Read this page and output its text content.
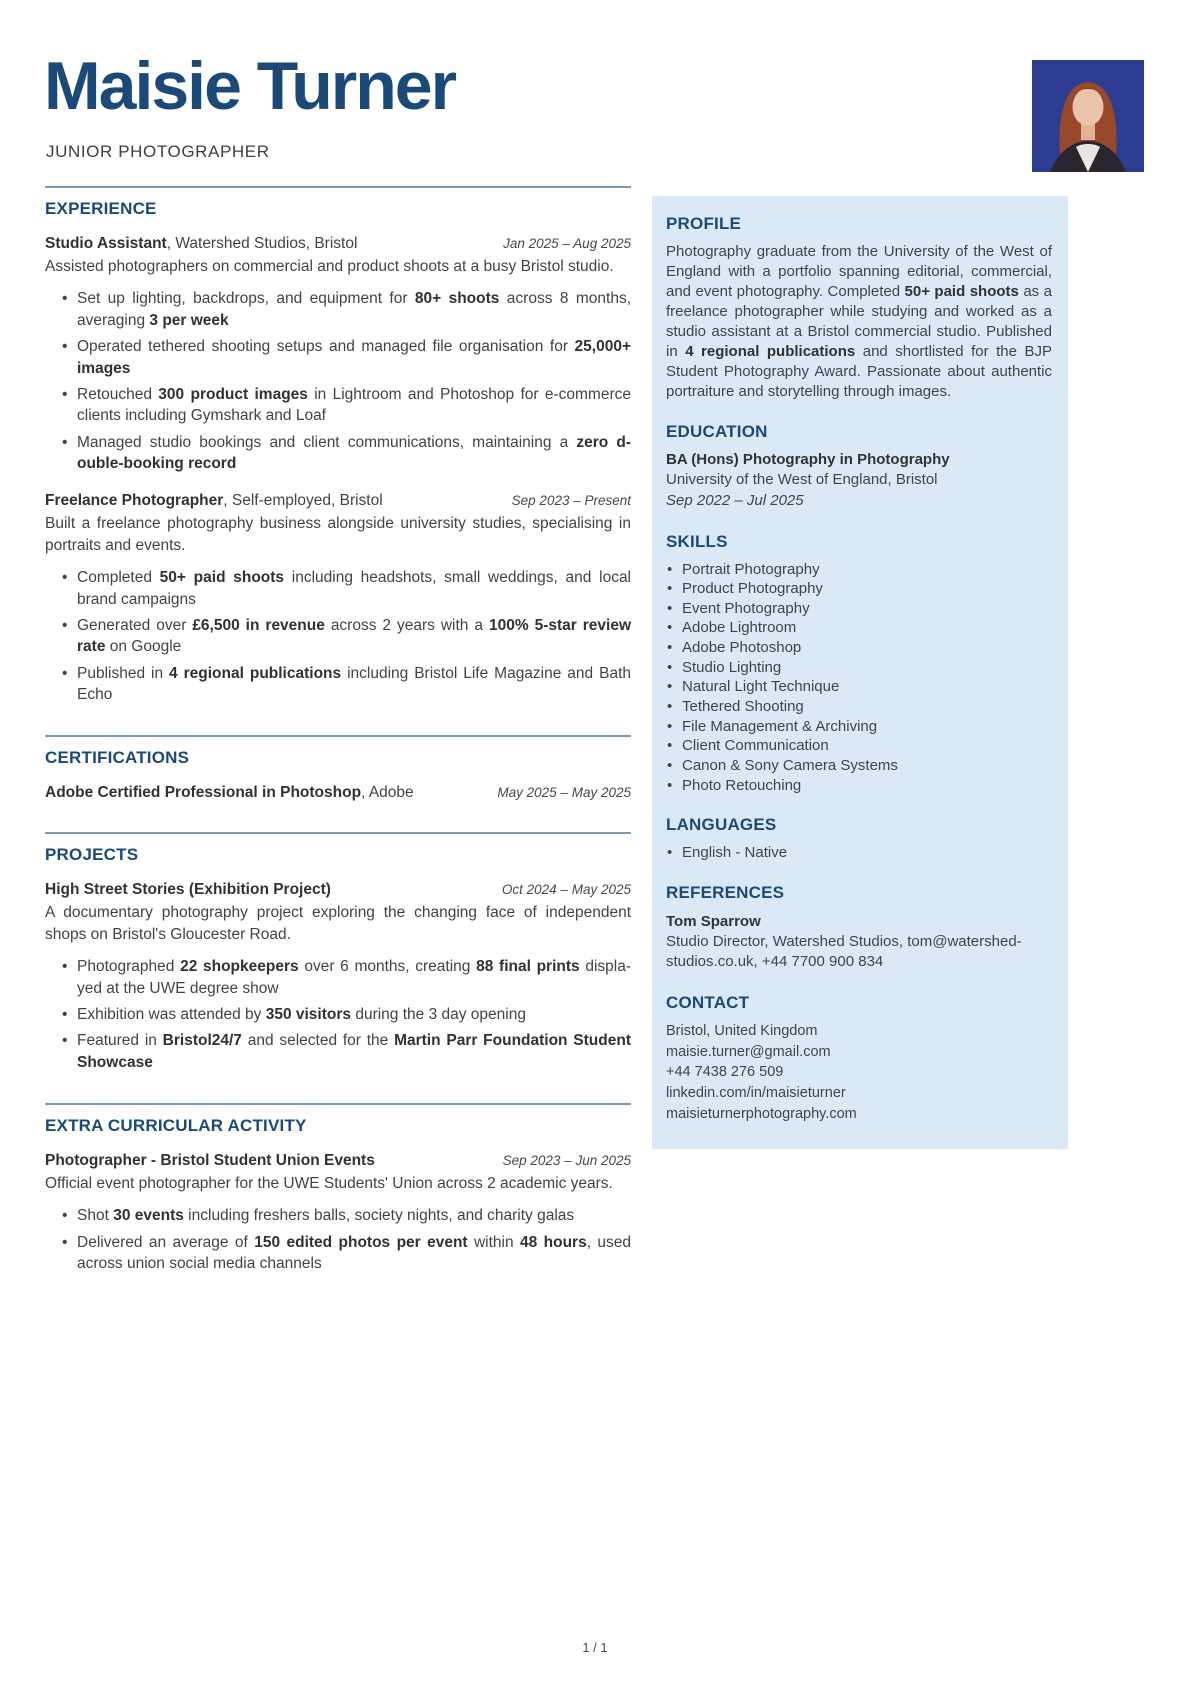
Maisie Turner
JUNIOR PHOTOGRAPHER
EXPERIENCE
Studio Assistant, Watershed Studios, Bristol	Jan 2025 – Aug 2025
Assisted photographers on commercial and product shoots at a busy Bristol studio.
• Set up lighting, backdrops, and equipment for 80+ shoots across 8 months, averaging 3 per week
• Operated tethered shooting setups and managed file organisation for 25,000+ images
• Retouched 300 product images in Lightroom and Photoshop for e-commerce clients including Gymshark and Loaf
• Managed studio bookings and client communications, maintaining a zero double-booking record
Freelance Photographer, Self-employed, Bristol	Sep 2023 – Present
Built a freelance photography business alongside university studies, specialising in portraits and events.
• Completed 50+ paid shoots including headshots, small weddings, and local brand campaigns
• Generated over £6,500 in revenue across 2 years with a 100% 5-star review rate on Google
• Published in 4 regional publications including Bristol Life Magazine and Bath Echo
CERTIFICATIONS
Adobe Certified Professional in Photoshop, Adobe	May 2025 – May 2025
PROJECTS
High Street Stories (Exhibition Project)	Oct 2024 – May 2025
A documentary photography project exploring the changing face of independent shops on Bristol's Gloucester Road.
• Photographed 22 shopkeepers over 6 months, creating 88 final prints displayed at the UWE degree show
• Exhibition was attended by 350 visitors during the 3 day opening
• Featured in Bristol24/7 and selected for the Martin Parr Foundation Student Showcase
EXTRA CURRICULAR ACTIVITY
Photographer - Bristol Student Union Events	Sep 2023 – Jun 2025
Official event photographer for the UWE Students' Union across 2 academic years.
• Shot 30 events including freshers balls, society nights, and charity galas
• Delivered an average of 150 edited photos per event within 48 hours, used across union social media channels
PROFILE

Photography graduate from the University of the West of England with a portfolio spanning editorial, commercial, and event photography. Completed 50+ paid shoots as a freelance photographer while studying and worked as a studio assistant at a Bristol commercial studio. Published in 4 regional publications and shortlisted for the BJP Student Photography Award. Passionate about authentic portraiture and storytelling through images.

EDUCATION
BA (Hons) Photography in Photography
University of the West of England, Bristol
Sep 2022 – Jul 2025
SKILLS
• Portrait Photography
• Product Photography
• Event Photography
• Adobe Lightroom
• Adobe Photoshop
• Studio Lighting
• Natural Light Technique
• Tethered Shooting
• File Management & Archiving
• Client Communication
• Canon & Sony Camera Systems
• Photo Retouching
LANGUAGES
• English - Native
REFERENCES
Tom Sparrow
Studio Director, Watershed Studios, tom@watershed-studios.co.uk, +44 7700 900 834
CONTACT
Bristol, United Kingdom
maisie.turner@gmail.com
+44 7438 276 509
linkedin.com/in/maisieturner
maisieturnerphotography.com
1 / 1
